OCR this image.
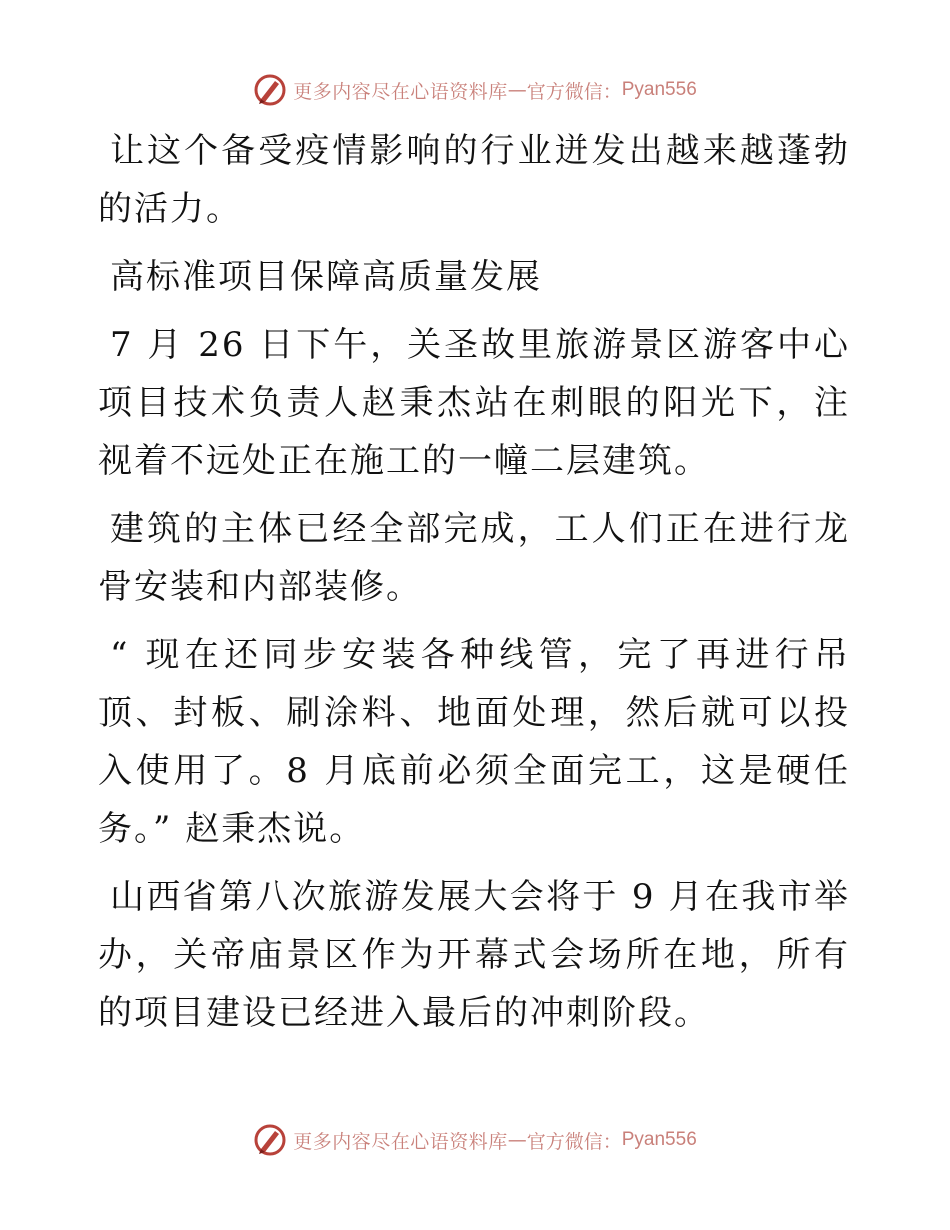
更多内容尽在心语资料库 — 官方微信： Pyan556

让这个备受疫情影响的行业迸发出越来越蓬勃的活力。

高标准项目保障高质量发展

7 月 26 日下午，关圣故里旅游景区游客中心项目技术负责人赵秉杰站在刺眼的阳光下，注视着不远处正在施工的一幢二层建筑。

建筑的主体已经全部完成，工人们正在进行龙骨安装和内部装修。

“ 现在还同步安装各种线管，完了再进行吊顶、封板、刷涂料、地面处理，然后就可以投入使用了。8 月底前必须全面完工，这是硬任务。” 赵秉杰说。

山西省第八次旅游发展大会将于 9 月在我市举办，关帝庙景区作为开幕式会场所在地，所有的项目建设已经进入最后的冲刺阶段。

更多内容尽在心语资料库 — 官方微信： Pyan556
